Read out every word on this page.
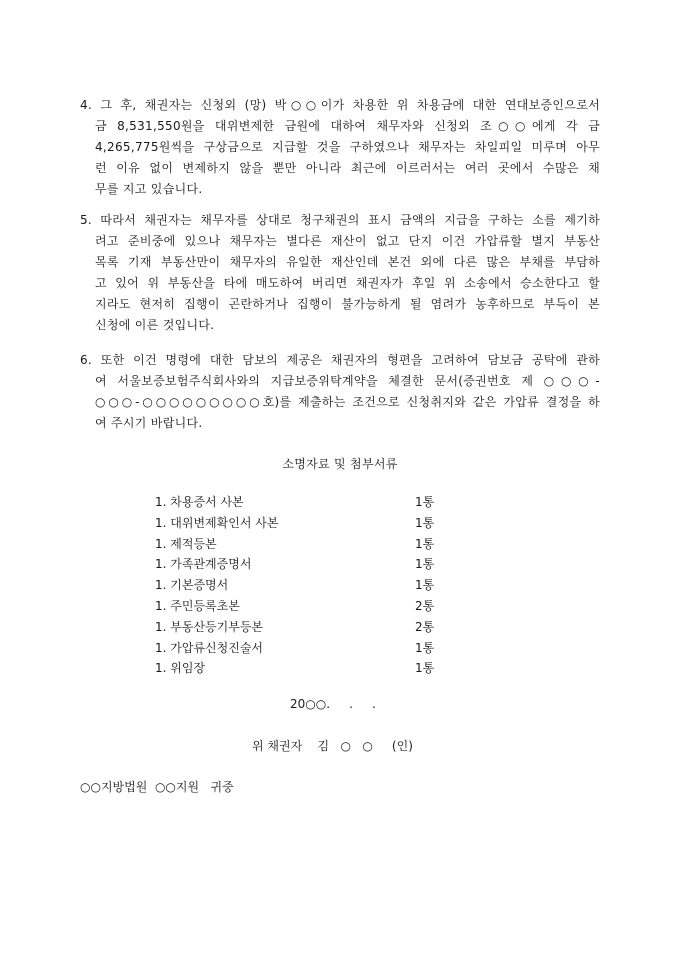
4. 그 후, 채권자는 신청외 (망) 박○○이가 차용한 위 차용금에 대한 연대보증인으로서
금 8,531,550원을 대위변제한 금원에 대하여 채무자와 신청외 조○○에게 각 금
4,265,775원씩을 구상금으로 지급할 것을 구하였으나 채무자는 차일피일 미루며 아무
런 이유 없이 변제하지 않을 뿐만 아니라 최근에 이르러서는 여러 곳에서 수많은 채
무를 지고 있습니다.
5. 따라서 채권자는 채무자를 상대로 청구채권의 표시 금액의 지급을 구하는 소를 제기하
려고 준비중에 있으나 채무자는 별다른 재산이 없고 단지 이건 가압류할 별지 부동산
목록 기재 부동산만이 채무자의 유일한 재산인데 본건 외에 다른 많은 부채를 부담하
고 있어 위 부동산을 타에 매도하여 버리면 채권자가 후일 위 소송에서 승소한다고 할
지라도 현저히 집행이 곤란하거나 집행이 불가능하게 될 염려가 농후하므로 부득이 본
신청에 이른 것입니다.
6. 또한 이건 명령에 대한 담보의 제공은 채권자의 형편을 고려하여 담보금 공탁에 관하
여 서울보증보험주식회사와의 지급보증위탁계약을 체결한 문서(증권번호 제 ○○○-
○○○-○○○○○○○○○호)를 제출하는 조건으로 신청취지와 같은 가압류 결정을 하
여 주시기 바랍니다.
소명자료 및 첨부서류
1. 차용증서 사본	1통
1. 대위변제확인서 사본	1통
1. 제적등본	1통
1. 가족관계증명서	1통
1. 기본증명서	1통
1. 주민등록초본	2통
1. 부동산등기부등본	2통
1. 가압류신청진술서	1통
1. 위임장	1통
20○○.     .     .
위 채권자    김   ○   ○     (인)
○○지방법원  ○○지원   귀중
